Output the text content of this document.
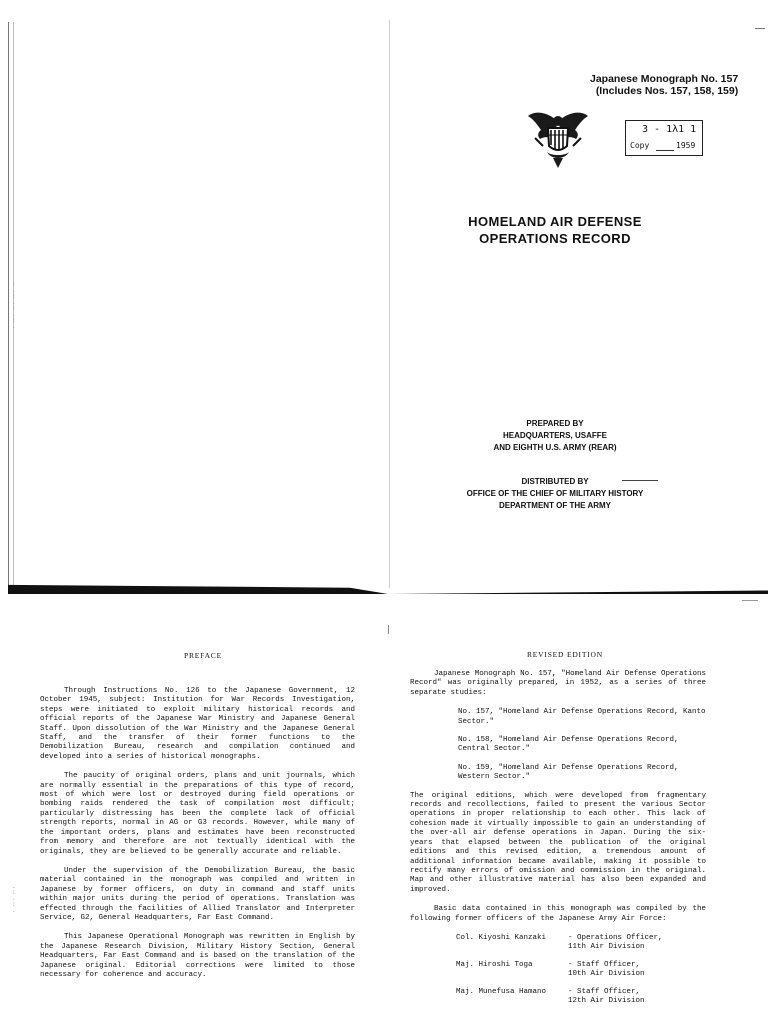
:
.
:
.
:
.
:
.
.
:
.
:
.
Japanese Monograph No. 157
(Includes Nos. 157, 158, 159)
3 - 1λ1 1
Copy	1959
HOMELAND AIR DEFENSE
OPERATIONS RECORD
PREPARED BY
HEADQUARTERS, USAFFE
AND EIGHTH U.S. ARMY (REAR)
DISTRIBUTED BY
OFFICE OF THE CHIEF OF MILITARY HISTORY
DEPARTMENT OF THE ARMY
PREFACE

Through Instructions No. 126 to the Japanese Government, 12 October 1945, subject: Institution for War Records Investigation, steps were initiated to exploit military historical records and official reports of the Japanese War Ministry and Japanese General Staff. Upon dissolution of the War Ministry and the Japanese General Staff, and the transfer of their former functions to the Demobilization Bureau, research and compilation continued and developed into a series of historical monographs.

The paucity of original orders, plans and unit journals, which are normally essential in the preparations of this type of record, most of which were lost or destroyed during field operations or bombing raids rendered the task of compilation most difficult; particularly distressing has been the complete lack of official strength reports, normal in AG or G3 records. However, while many of the important orders, plans and estimates have been reconstructed from memory and therefore are not textually identical with the originals, they are believed to be generally accurate and reliable.

Under the supervision of the Demobilization Bureau, the basic material contained in the monograph was compiled and written in Japanese by former officers, on duty in command and staff units within major units during the period of operations. Translation was effected through the facilities of Allied Translator and Interpreter Service, G2, General Headquarters, Far East Command.

This Japanese Operational Monograph was rewritten in English by the Japanese Research Division, Military History Section, General Headquarters, Far East Command and is based on the translation of the Japanese original. Editorial corrections were limited to those necessary for coherence and accuracy.

REVISED EDITION

Japanese Monograph No. 157, "Homeland Air Defense Operations Record" was originally prepared, in 1952, as a series of three separate studies:

No. 157, "Homeland Air Defense Operations Record, Kanto Sector."

No. 158, "Homeland Air Defense Operations Record, Central Sector."

No. 159, "Homeland Air Defense Operations Record, Western Sector."

The original editions, which were developed from fragmentary records and recollections, failed to present the various Sector operations in proper relationship to each other. This lack of cohesion made it virtually impossible to gain an understanding of the over-all air defense operations in Japan. During the six-years that elapsed between the publication of the original editions and this revised edition, a tremendous amount of additional information became available, making it possible to rectify many errors of omission and commission in the original. Map and other illustrative material has also been expanded and improved.

Basic data contained in this monograph was compiled by the following former officers of the Japanese Army Air Force:

Col. Kiyoshi Kanzaki	- Operations Officer,
11th Air Division
Maj. Hiroshi Toga	- Staff Officer,
10th Air Division
Maj. Munefusa Hamano	- Staff Officer,
12th Air Division
